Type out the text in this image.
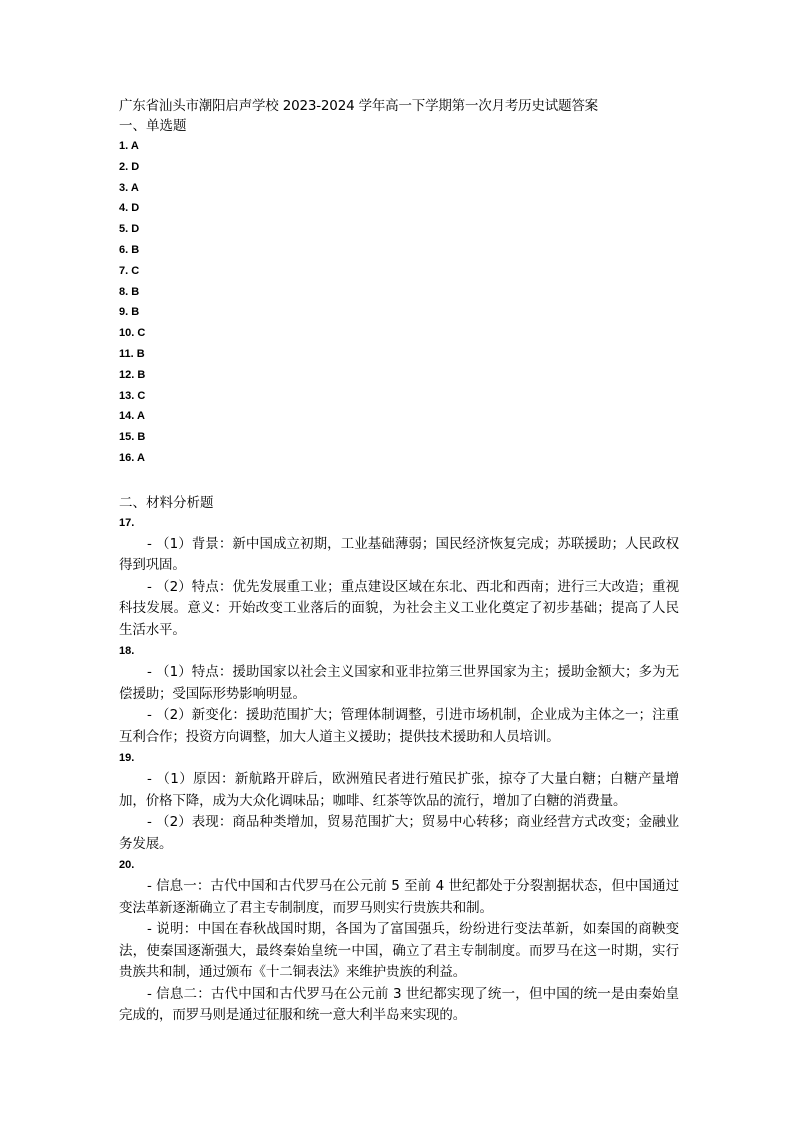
广东省汕头市潮阳启声学校 2023-2024 学年高一下学期第一次月考历史试题答案
一、单选题
1. A
2. D
3. A
4. D
5. D
6. B
7. C
8. B
9. B
10. C
11. B
12. B
13. C
14. A
15. B
16. A
二、材料分析题
17.
- （1）背景：新中国成立初期，工业基础薄弱；国民经济恢复完成；苏联援助；人民政权得到巩固。
- （2）特点：优先发展重工业；重点建设区域在东北、西北和西南；进行三大改造；重视科技发展。意义：开始改变工业落后的面貌，为社会主义工业化奠定了初步基础；提高了人民生活水平。
18.
- （1）特点：援助国家以社会主义国家和亚非拉第三世界国家为主；援助金额大；多为无偿援助；受国际形势影响明显。
- （2）新变化：援助范围扩大；管理体制调整，引进市场机制，企业成为主体之一；注重互利合作；投资方向调整，加大人道主义援助；提供技术援助和人员培训。
19.
- （1）原因：新航路开辟后，欧洲殖民者进行殖民扩张，掠夺了大量白糖；白糖产量增加，价格下降，成为大众化调味品；咖啡、红茶等饮品的流行，增加了白糖的消费量。
- （2）表现：商品种类增加，贸易范围扩大；贸易中心转移；商业经营方式改变；金融业务发展。
20.
- 信息一：古代中国和古代罗马在公元前 5 至前 4 世纪都处于分裂割据状态，但中国通过变法革新逐渐确立了君主专制制度，而罗马则实行贵族共和制。
- 说明：中国在春秋战国时期，各国为了富国强兵，纷纷进行变法革新，如秦国的商鞅变法，使秦国逐渐强大，最终秦始皇统一中国，确立了君主专制制度。而罗马在这一时期，实行贵族共和制，通过颁布《十二铜表法》来维护贵族的利益。
- 信息二：古代中国和古代罗马在公元前 3 世纪都实现了统一，但中国的统一是由秦始皇完成的，而罗马则是通过征服和统一意大利半岛来实现的。
